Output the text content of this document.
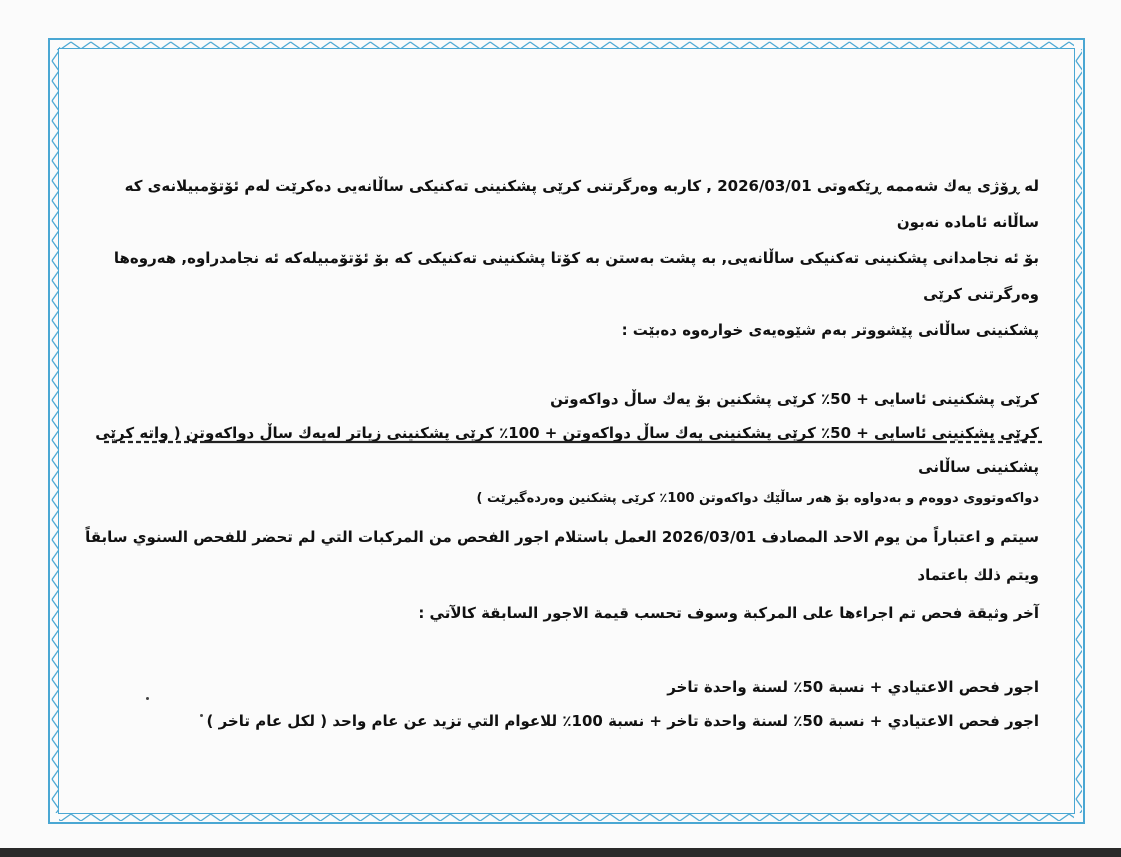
لە ڕۆژی یەك شەممە ڕێكەوتی 2026/03/01 , كاربە وەرگرتنی كرێی پشكنینی تەكنیكی ساڵانەیی دەكرێت لەم ئۆتۆمبیلانەی كە ساڵانە ئامادە نەبون

بۆ ئە نجامدانی پشكنینی تەكنیكی ساڵانەیی, بە پشت بەستن بە كۆتا پشكنینی تەكنیكی كە بۆ ئۆتۆمبیلەكە ئە نجامدراوە, هەروەها وەرگرتنی كرێی

پشكنینی ساڵانی پێشووتر بەم شێوەیەی خوارەوە دەبێت :

كرێی پشكنینی ئاسایی + 50٪ كرێی پشكنین بۆ یەك ساڵ دواكەوتن

كرێی پشكنینی ئاسایی + 50٪ كرێی پشكنینی یەك ساڵ دواكەوتن + 100٪ كرێی پشكنینی زیاتر لەیەك ساڵ دواكەوتن ( واتە كرێی پشكنینی ساڵانی

دواكەوتووی دووەم و بەدواوە بۆ هەر ساڵێك دواكەوتن 100٪ كرێی پشكنین وەردەگیرێت )

سيتم و اعتباراً من يوم الاحد المصادف 2026/03/01 العمل باستلام اجور الفحص من المركبات التي لم تحضر للفحص السنوي سابقاً ويتم ذلك باعتماد

آخر وثيقة فحص تم اجراءها على المركبة وسوف تحسب قيمة الاجور السابقة كالآتي :

اجور فحص الاعتيادي + نسبة 50٪ لسنة واحدة تاخر

اجور فحص الاعتيادي + نسبة 50٪ لسنة واحدة تاخر + نسبة 100٪ للاعوام التي تزيد عن عام واحد ( لكل عام تاخر )
